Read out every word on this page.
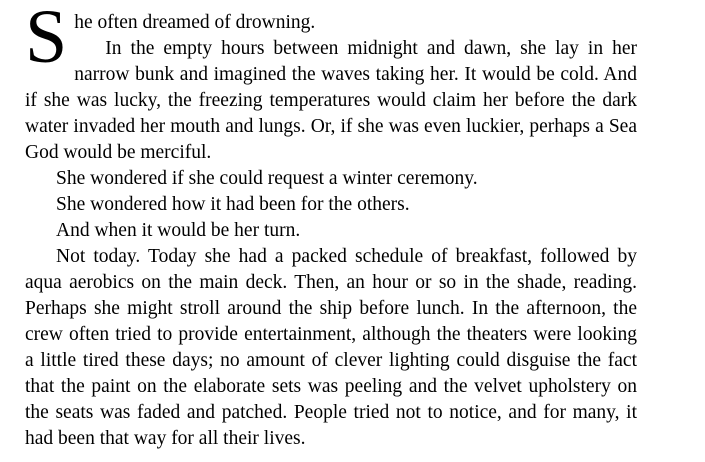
She often dreamed of drowning.

In the empty hours between midnight and dawn, she lay in her narrow bunk and imagined the waves taking her. It would be cold. And if she was lucky, the freezing temperatures would claim her before the dark water invaded her mouth and lungs. Or, if she was even luckier, perhaps a Sea God would be merciful.

She wondered if she could request a winter ceremony.

She wondered how it had been for the others.

And when it would be her turn.

Not today. Today she had a packed schedule of breakfast, followed by aqua aerobics on the main deck. Then, an hour or so in the shade, reading. Perhaps she might stroll around the ship before lunch. In the afternoon, the crew often tried to provide entertainment, although the theaters were looking a little tired these days; no amount of clever lighting could disguise the fact that the paint on the elaborate sets was peeling and the velvet upholstery on the seats was faded and patched. People tried not to notice, and for many, it had been that way for all their lives.
